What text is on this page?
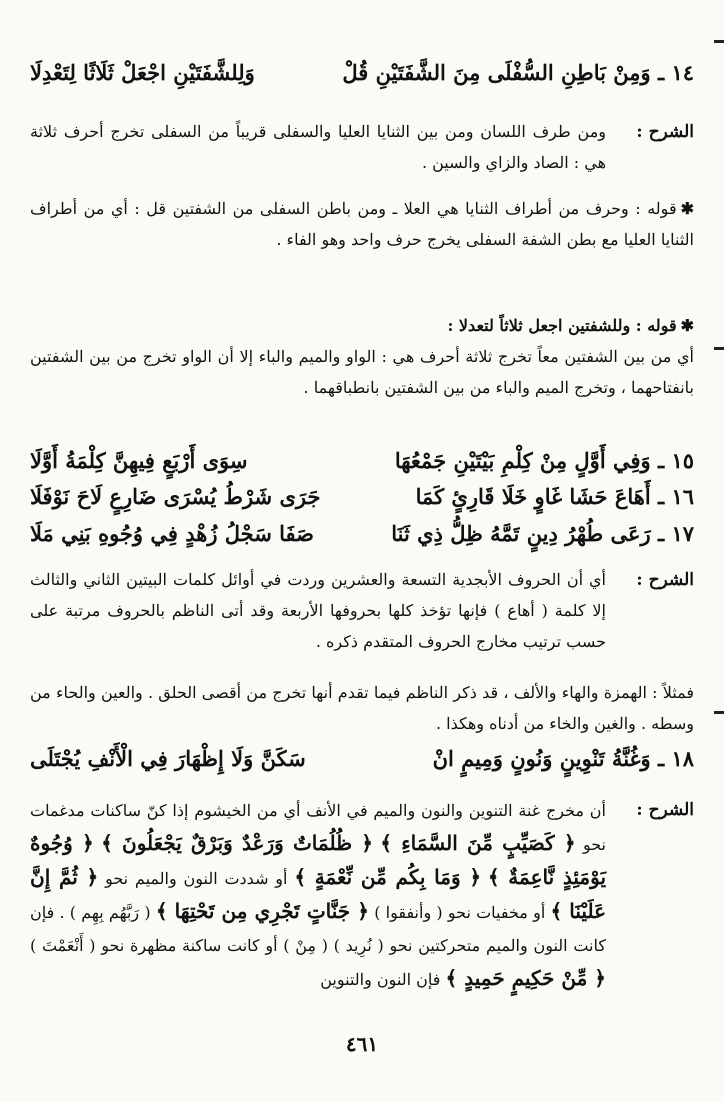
١٤ ـ وَمِنْ بَاطِنِ السُّفْلَى مِنَ الشَّفَتَيْنِ قُلْ
وَلِلشَّفَتَيْنِ اجْعَلْ ثَلَاثًا لِتَعْدِلَا
الشرح :
ومن طرف اللسان ومن بين الثنايا العليا والسفلى قريباً من السفلى تخرج أحرف ثلاثة هي : الصاد والزاي والسين .
✱قوله : وحرف من أطراف الثنايا هي العلا ـ ومن باطن السفلى من الشفتين قل : أي من أطراف الثنايا العليا مع بطن الشفة السفلى يخرج حرف واحد وهو الفاء .
✱قوله : وللشفتين اجعل ثلاثاً لتعدلا :
أي من بين الشفتين معاً تخرج ثلاثة أحرف هي : الواو والميم والباء إلا أن الواو تخرج من بين الشفتين بانفتاحهما ، وتخرج الميم والباء من بين الشفتين بانطباقهما .
١٥ ـ وَفِي أَوَّلٍ مِنْ كِلْمِ بَيْتَيْنِ جَمْعُهَا
سِوَى أَرْبَعٍ فِيهِنَّ كِلْمَةُ أَوَّلَا
١٦ ـ أَهَاعَ حَشَا غَاوٍ خَلَا قَارِئٍ كَمَا
جَرَى شَرْطُ يُسْرَى ضَارِعٍ لَاحَ نَوْفَلَا
١٧ ـ رَعَى طُهْرُ دِينٍ تَمَّهُ ظِلُّ ذِي ثَنَا
صَفَا سَجْلُ زُهْدٍ فِي وُجُوهِ بَنِي مَلَا
الشرح :
أي أن الحروف الأبجدية التسعة والعشرين وردت في أوائل كلمات البيتين الثاني والثالث إلا كلمة ( أهاع ) فإنها تؤخذ كلها بحروفها الأربعة وقد أتى الناظم بالحروف مرتبة على حسب ترتيب مخارج الحروف المتقدم ذكره .
فمثلاً : الهمزة والهاء والألف ، قد ذكر الناظم فيما تقدم أنها تخرج من أقصى الحلق . والعين والحاء من وسطه . والغين والخاء من أدناه وهكذا .
١٨ ـ وَغُنَّةُ تَنْوِينٍ وَنُونٍ وَمِيمٍ انْ
سَكَنَّ وَلَا إِظْهَارَ فِي الْأَنْفِ يُجْتَلَى
الشرح :
أن مخرج غنة التنوين والنون والميم في الأنف أي من الخيشوم إذا كنّ ساكنات مدغمات نحو ﴿ كَصَيِّبٍ مِّنَ السَّمَاءِ ﴾ ﴿ ظُلُمَاتٌ وَرَعْدٌ وَبَرْقٌ يَجْعَلُونَ ﴾ ﴿ وُجُوهٌ يَوْمَئِذٍ نَّاعِمَةٌ ﴾ ﴿ وَمَا بِكُم مِّن نِّعْمَةٍ ﴾ أو شددت النون والميم نحو ﴿ ثُمَّ إِنَّ عَلَيْنَا ﴾ أو مخفيات نحو ( وأنفقوا ) ﴿ جَنَّاتٍ تَجْرِي مِن تَحْتِهَا ﴾ ( رَبَّهُم بِهِم ) . فإن كانت النون والميم متحركتين نحو ( نُرِيد ) ( مِنْ ) أو كانت ساكنة مظهرة نحو ( أَنْعَمْتَ ) ﴿ مِّنْ حَكِيمٍ حَمِيدٍ ﴾ فإن النون والتنوين
٤٦١
